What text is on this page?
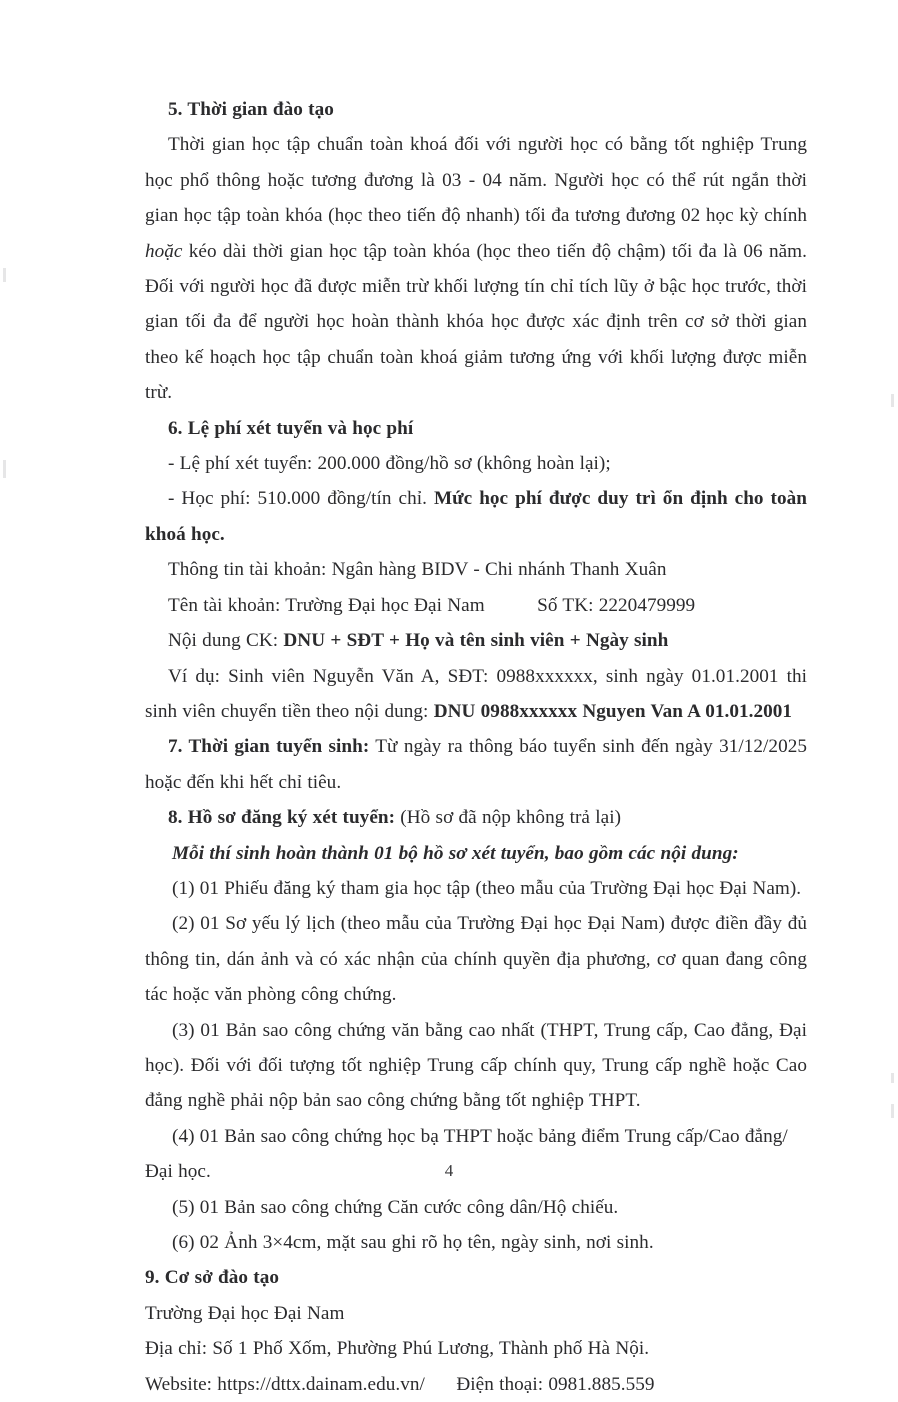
5. Thời gian đào tạo

Thời gian học tập chuẩn toàn khoá đối với người học có bằng tốt nghiệp Trung học phổ thông hoặc tương đương là 03 - 04 năm. Người học có thể rút ngắn thời gian học tập toàn khóa (học theo tiến độ nhanh) tối đa tương đương 02 học kỳ chính hoặc kéo dài thời gian học tập toàn khóa (học theo tiến độ chậm) tối đa là 06 năm. Đối với người học đã được miễn trừ khối lượng tín chỉ tích lũy ở bậc học trước, thời gian tối đa để người học hoàn thành khóa học được xác định trên cơ sở thời gian theo kế hoạch học tập chuẩn toàn khoá giảm tương ứng với khối lượng được miễn trừ.

6. Lệ phí xét tuyển và học phí

- Lệ phí xét tuyển: 200.000 đồng/hồ sơ (không hoàn lại);

- Học phí: 510.000 đồng/tín chỉ. Mức học phí được duy trì ổn định cho toàn khoá học.

Thông tin tài khoản: Ngân hàng BIDV - Chi nhánh Thanh Xuân

Tên tài khoản: Trường Đại học Đại Nam	Số TK: 2220479999

Nội dung CK: DNU + SĐT + Họ và tên sinh viên + Ngày sinh

Ví dụ: Sinh viên Nguyễn Văn A, SĐT: 0988xxxxxx, sinh ngày 01.01.2001 thi sinh viên chuyển tiền theo nội dung: DNU 0988xxxxxx Nguyen Van A 01.01.2001

7. Thời gian tuyển sinh: Từ ngày ra thông báo tuyển sinh đến ngày 31/12/2025 hoặc đến khi hết chỉ tiêu.

8. Hồ sơ đăng ký xét tuyển: (Hồ sơ đã nộp không trả lại)

Mỗi thí sinh hoàn thành 01 bộ hồ sơ xét tuyển, bao gồm các nội dung:

(1) 01 Phiếu đăng ký tham gia học tập (theo mẫu của Trường Đại học Đại Nam).

(2) 01 Sơ yếu lý lịch (theo mẫu của Trường Đại học Đại Nam) được điền đầy đủ thông tin, dán ảnh và có xác nhận của chính quyền địa phương, cơ quan đang công tác hoặc văn phòng công chứng.

(3) 01 Bản sao công chứng văn bằng cao nhất (THPT, Trung cấp, Cao đẳng, Đại học). Đối với đối tượng tốt nghiệp Trung cấp chính quy, Trung cấp nghề hoặc Cao đẳng nghề phải nộp bản sao công chứng bằng tốt nghiệp THPT.

(4) 01 Bản sao công chứng học bạ THPT hoặc bảng điểm Trung cấp/Cao đẳng/Đại học.

(5) 01 Bản sao công chứng Căn cước công dân/Hộ chiếu.

(6) 02 Ảnh 3×4cm, mặt sau ghi rõ họ tên, ngày sinh, nơi sinh.

9. Cơ sở đào tạo

Trường Đại học Đại Nam

Địa chỉ: Số 1 Phố Xốm, Phường Phú Lương, Thành phố Hà Nội.

Website: https://dttx.dainam.edu.vn/ Điện thoại: 0981.885.559

4
